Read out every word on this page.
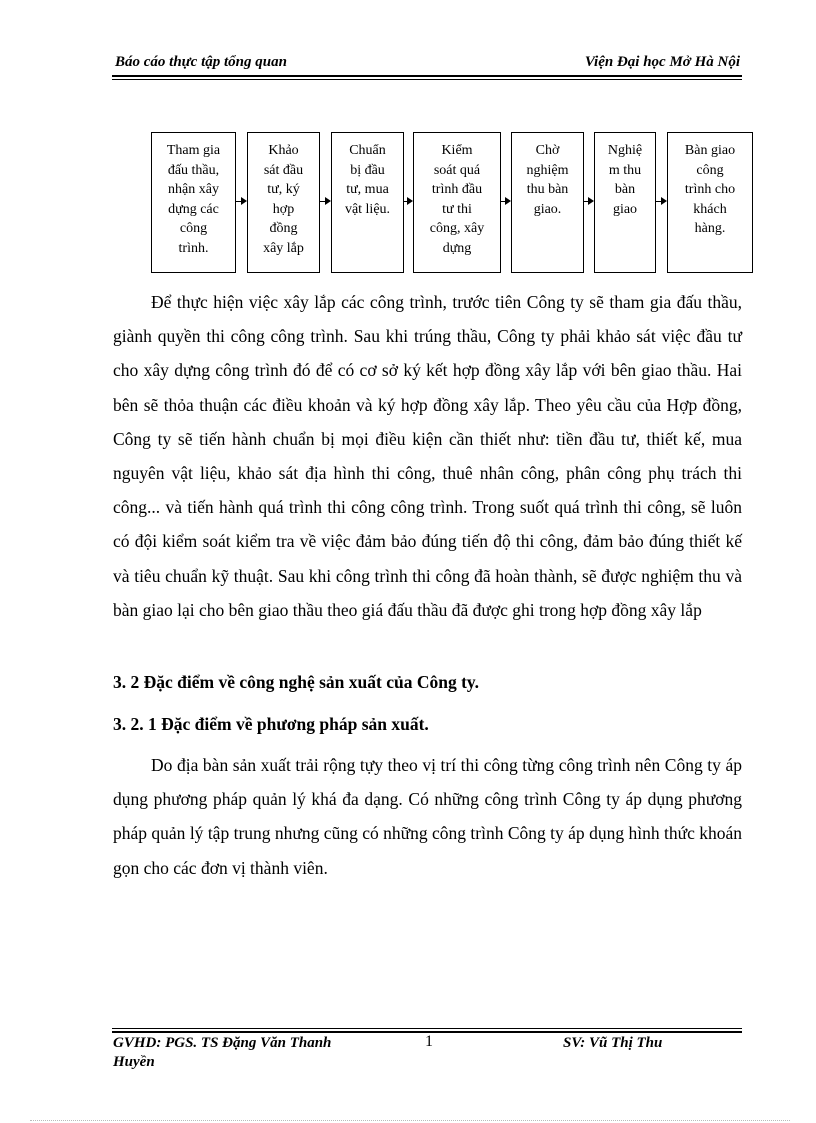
Báo cáo thực tập tổng quan	Viện Đại học Mở Hà Nội
Tham gia
đấu thầu,
nhận xây
dựng các
công
trình.
Khảo
sát đầu
tư, ký
hợp
đồng
xây lắp
Chuẩn
bị đầu
tư, mua
vật liệu.
Kiểm
soát quá
trình đầu
tư thi
công, xây
dựng
Chờ
nghiệm
thu bàn
giao.
Nghiệ
m thu
bàn
giao
Bàn giao
công
trình cho
khách
hàng.

Để thực hiện việc xây lắp các công trình, trước tiên Công ty sẽ tham gia đấu thầu, giành quyền thi công công trình. Sau khi trúng thầu, Công ty phải khảo sát việc đầu tư cho xây dựng công trình đó để có cơ sở ký kết hợp đồng xây lắp với bên giao thầu. Hai bên sẽ thỏa thuận các điều khoản và ký hợp đồng xây lắp. Theo yêu cầu của Hợp đồng, Công ty sẽ tiến hành chuẩn bị mọi điều kiện cần thiết như: tiền đầu tư, thiết kế, mua nguyên vật liệu, khảo sát địa hình thi công, thuê nhân công, phân công phụ trách thi công... và tiến hành quá trình thi công công trình. Trong suốt quá trình thi công, sẽ luôn có đội kiểm soát kiểm tra về việc đảm bảo đúng tiến độ thi công, đảm bảo đúng thiết kế và tiêu chuẩn kỹ thuật. Sau khi công trình thi công đã hoàn thành, sẽ được nghiệm thu và bàn giao lại cho bên giao thầu theo giá đấu thầu đã được ghi trong hợp đồng xây lắp

3. 2 Đặc điểm về công nghệ sản xuất của Công ty.
3. 2. 1 Đặc điểm về phương pháp sản xuất.

Do địa bàn sản xuất trải rộng tựy theo vị trí thi công từng công trình nên Công ty áp dụng phương pháp quản lý khá đa dạng. Có những công trình Công ty áp dụng phương pháp quản lý tập trung nhưng cũng có những công trình Công ty áp dụng hình thức khoán gọn cho các đơn vị thành viên.

GVHD: PGS. TS Đặng Văn Thanh
Huyền
1	SV: Vũ Thị Thu
